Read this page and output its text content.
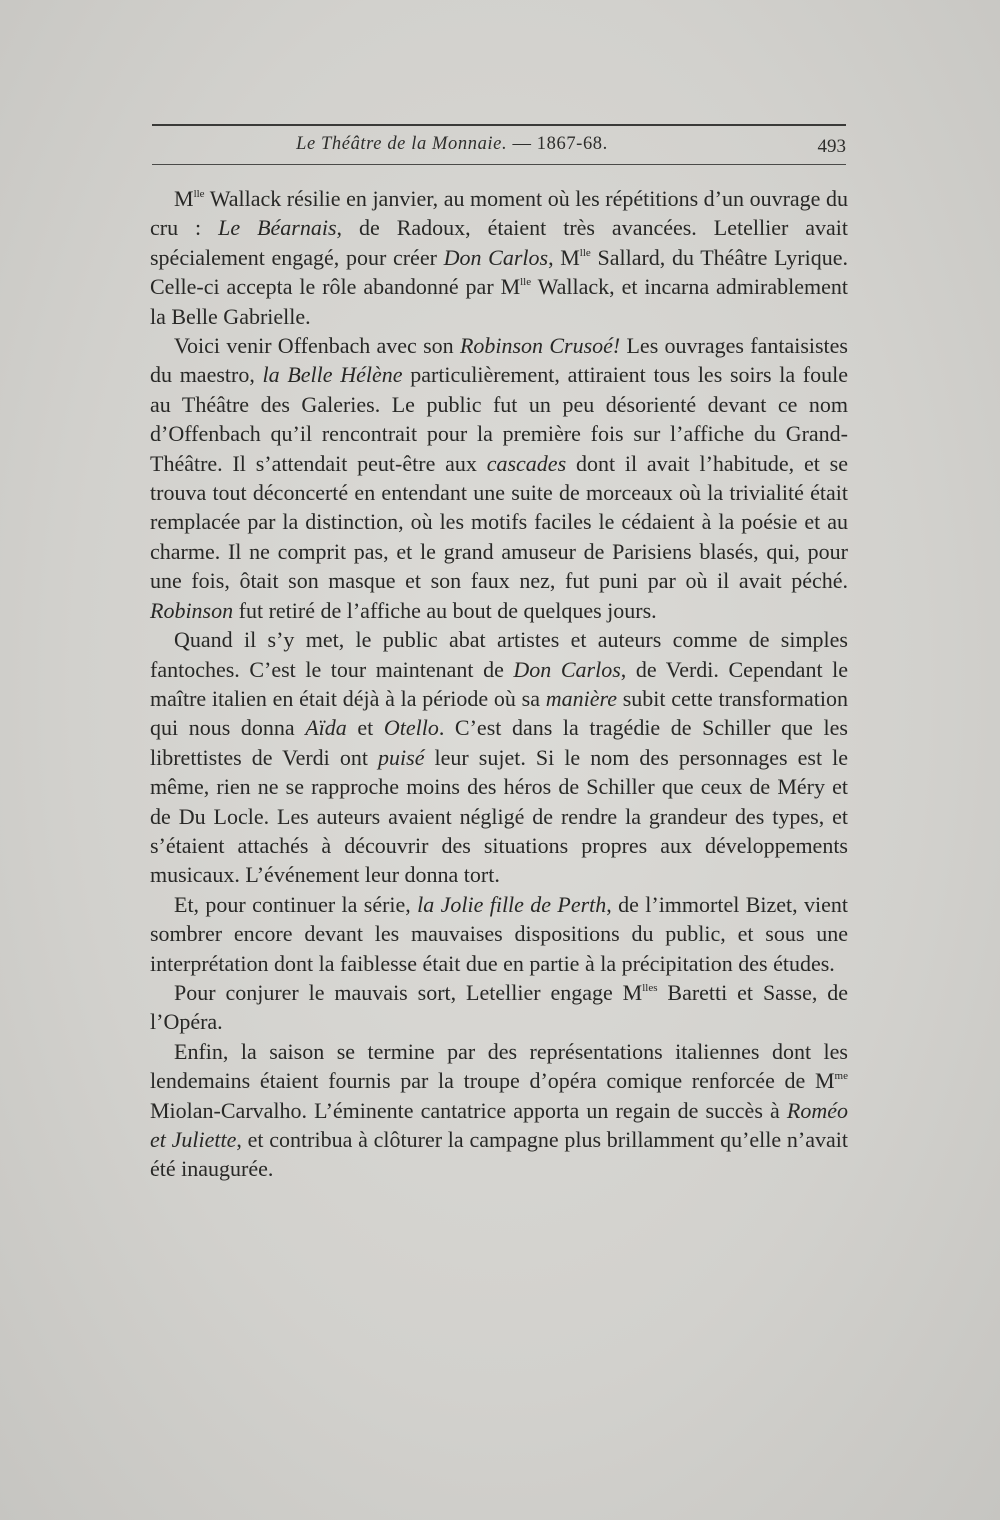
Le Théâtre de la Monnaie. — 1867-68.	493

$M^{lle}$ Wallack résilie en janvier, au moment où les répétitions d’un ouvrage du cru : Le Béarnais, de Radoux, étaient très avancées. Letellier avait spécialement engagé, pour créer Don Carlos, $M^{lle}$ Sallard, du Théâtre Lyrique. Celle-ci accepta le rôle abandonné par $M^{lle}$ Wallack, et incarna admirablement la Belle Gabrielle.

Voici venir Offenbach avec son Robinson Crusoé! Les ouvrages fantaisistes du maestro, la Belle Hélène particulièrement, attiraient tous les soirs la foule au Théâtre des Galeries. Le public fut un peu désorienté devant ce nom d’Offenbach qu’il rencontrait pour la première fois sur l’affiche du Grand-Théâtre. Il s’attendait peut-être aux cascades dont il avait l’habitude, et se trouva tout déconcerté en entendant une suite de morceaux où la trivialité était remplacée par la distinction, où les motifs faciles le cédaient à la poésie et au charme. Il ne comprit pas, et le grand amuseur de Parisiens blasés, qui, pour une fois, ôtait son masque et son faux nez, fut puni par où il avait péché. Robinson fut retiré de l’affiche au bout de quelques jours.

Quand il s’y met, le public abat artistes et auteurs comme de simples fantoches. C’est le tour maintenant de Don Carlos, de Verdi. Cependant le maître italien en était déjà à la période où sa manière subit cette transformation qui nous donna Aïda et Otello. C’est dans la tragédie de Schiller que les librettistes de Verdi ont puisé leur sujet. Si le nom des personnages est le même, rien ne se rapproche moins des héros de Schiller que ceux de Méry et de Du Locle. Les auteurs avaient négligé de rendre la grandeur des types, et s’étaient attachés à découvrir des situations propres aux développements musicaux. L’événement leur donna tort.

Et, pour continuer la série, la Jolie fille de Perth, de l’immortel Bizet, vient sombrer encore devant les mauvaises dispositions du public, et sous une interprétation dont la faiblesse était due en partie à la précipitation des études.

Pour conjurer le mauvais sort, Letellier engage $M^{lles}$ Baretti et Sasse, de l’Opéra.

Enfin, la saison se termine par des représentations italiennes dont les lendemains étaient fournis par la troupe d’opéra comique renforcée de $M^{me}$ Miolan-Carvalho. L’éminente cantatrice apporta un regain de succès à Roméo et Juliette, et contribua à clôturer la campagne plus brillamment qu’elle n’avait été inaugurée.
